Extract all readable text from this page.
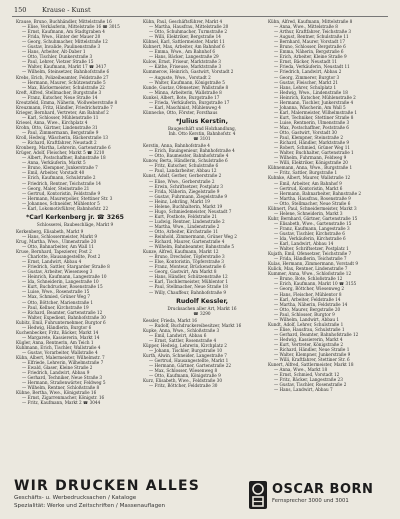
150 Krause - Kunst
Krause, Bruno, Buchhändler, Mittelstraße 16
— Elise, Verkäuferin, Mittelstraße 16 ☎ 3015
— Ernst, Kaufmann, Am Stadtgraben 4
— Frida, Wwe., Hinter der Mauer 20
— Georg, Schuhmacher, Mittelstraße 12
— Gustav, Invalide, Paulinenstraße 3
— Hans, Arbeiter, Alt-Daber 1
— Otto, Tischler, Dunkerstraße 3
— Paul, Lehrer, Vietzer Straße 15
— Walter, Kaufmann, Markt 17 ☎ 3417
— Wilhelm, Steinsetzer, Bahnhofstraße 6
Krebs, Erich, Polizeibeamter, Feldstraße 27
— Hermann, Maurer, Schützenstraße 5
— Max, Bäckermeister, Schulstraße 22
Kreft, Alfred, Stellmacher, Burgstraße 3
— Franz, Kutscher, Neue Straße 14
Kreutzfeld, Emma, Näherin, Wollweberstraße 8
Kreuzmann, Fritz, Händler, Friedrichstraße 7
Krieger, Bernhard, Vertreter, Am Bahnhof 2
— Karl, Schlosser, Mühlenstraße 11
Kriesel, Anna, Wwe., Kirchplatz 4
Krohn, Otto, Gärtner, Lindenstraße 31
— Paul, Zimmermann, Bergstraße 9
Kroll, Hedwig, Wäscherin, Bäckerstraße 13
— Richard, Kraftfahrer, Neustadt 2
Kronberg, Martha, Lehrerin, Gartenstraße 6
Krüger, Adolf, Fleischer, Markt 5 ☎ 3210
— Albert, Postschaffner, Bahnstraße 18
— Anna, Verkäuferin, Markt 5
— Bruno, Klempner, Junkerstraße 7
— Emil, Arbeiter, Vorstadt 40
— Erich, Kaufmann, Schulstraße 2
— Friedrich, Rentner, Teichstraße 14
— Georg, Maler, Steinstraße 21
— Gertrud, Kontoristin, Feldstraße 9
— Hermann, Maurerpolier, Stettiner Str. 3
— Johannes, Schneider, Mühlentor 5
— Karl, Lokomotivführer, Bahnhofstr. 22
*Carl Kerkenberg jr. ☎ 3265
Schlosserei, Baubeschläge, Markt 9
Kerkenberg, Elisabeth, Markt 9
— Hans, Schlossermeister, Markt 9
Krug, Martha, Wwe., Ulmenstraße 20
— Otto, Bahnarbeiter, Am Wall 11
Kruse, Bernhard, Tapezierer, Post 2
— Charlotte, Hausangestellte, Post 2
— Ernst, Landwirt, Abbau 4
— Friedrich, Sattler, Stargarder Straße 8
— Gustav, Arbeiter, Wiesenweg 3
— Heinrich, Kaufmann, Langestraße 10
— Ida, Schneiderin, Langestraße 10
— Kurt, Buchdrucker, Rosenstraße 15
— Luise, Wwe., Rosenstraße 15
— Max, Schmied, Grüner Weg 7
— Otto, Böttcher, Marienstraße 1
— Paul, Kellner, Kirchstraße 19
— Richard, Beamter, Gartenstraße 12
— Walter, Expedient, Bahnhofstraße 30
Kubitz, Emil, Fuhrunternehmer, Burgtor 6
— Hedwig, Händlerin, Burgtor 6
Kuchenbecker, Fritz, Bäcker, Markt 14
— Margarete, Kassiererin, Markt 14
Kügler, Anna, Rentnerin, Am Teich 1
Kuhlmann, Erich, Tischler, Wallstraße 4
— Gustav, Vorarbeiter, Wallstraße 4
Kühn, Albert, Malermeister, Wilhelmstr. 7
— Elfriede, Lehrerin, Wilhelmstraße 7
— Ewald, Glaser, Kleine Straße 2
— Friedrich, Landwirt, Abbau 9
— Gerhard, Techniker, Neue Straße 3
— Hermann, Straßenwärter, Feldweg 5
— Wilhelm, Rentner, Schloßstraße 8
Kühne, Bertha, Wwe., Königstraße 16
— Ernst, Zigarrenmacher, Königstr. 16
— Fritz, Kaufmann, Markt 2 ☎ 3044
Kühn, Paul, Geschäftsführer, Markt 4
— Martha, Hausfrau, Mittelstraße 20
— Otto, Schuhmacher, Turmstraße 2
— Willi, Elektriker, Bergstraße 14
Kühnel, Karl, Sattlermeister, Markt 11
Kuhnert, Max, Arbeiter, Am Bahnhof 6
— Emma, Wwe., Am Bahnhof 6
— Hans, Bäcker, Langestraße 29
Kulow, Ernst, Friseur, Marktstraße 3
— Käthe, Friseuse, Marktstraße 3
Kummerow, Heinrich, Gastwirt, Vorstadt 2
— Auguste, Wwe., Vorstadt 2
— Walter, Kaufmann, Königstraße 5
Kunde, Gustav, Ofensetzer, Wallstraße 8
— Minna, Arbeiterin, Wallstraße 8
Kunkel, Albert, Bote, Burgstraße 17
— Frieda, Verkäuferin, Burgstraße 17
— Karl, Maschinist, Mühlenweg 4
Künnecke, Otto, Förster, Forsthaus
*Julius Kerstin,
Baugeschäft und Holzhandlung,
Inh. Otto Kerstin, Bahnhofstr. 4
☎ 3101
Kerstin, Anna, Bahnhofstraße 4
— Erich, Bauingenieur, Bahnhofstraße 4
— Otto, Baumeister, Bahnhofstraße 4
Kunow, Berta, Händlerin, Schulstraße 6
— Fritz, Kutscher, Schulstraße 6
— Paul, Landarbeiter, Abbau 12
Kunst, Adolf, Gerber, Gerberstraße 2
— Elise, Wwe., Gerberstraße 2
— Erwin, Schriftsetzer, Postplatz 3
— Frida, Näherin, Ziegelstraße 9
— Gustav, Fuhrmann, Ziegelstraße 9
— Heinz, Lehrling, Markt 19
— Helene, Buchhalterin, Markt 19
— Hugo, Schmiedemeister, Neustadt 7
— Kurt, Postbote, Feldstraße 21
— Ludwig, Rentner, Lindenstraße 2
— Martha, Wwe., Lindenstraße 2
— Otto, Arbeiter, Kirchstraße 11
— Reinhold, Zimmermann, Grüner Weg 2
— Richard, Maurer, Gartenstraße 4
— Wilhelm, Bahnbeamter, Bahnstraße 5
Kunze, Alfred, Kaufmann, Markt 12
— Bruno, Drechsler, Töpferstraße 3
— Else, Kontoristin, Töpferstraße 3
— Franz, Monteur, Brückenstraße 6
— Georg, Gastwirt, Am Markt 8
— Hans, Händler, Schützenstraße 12
— Karl, Tischlermeister, Mühlentor 1
— Paul, Stellmacher, Neue Straße 18
— Willy, Chauffeur, Bahnhofstraße 9
Rudolf Kessler,
Drucksachen aller Art, Markt 16
☎ 3290
Kessler, Frieda, Markt 16
— Rudolf, Buchdruckereibesitzer, Markt 16
Kupke, Anna, Wwe., Schloßstraße 3
— Emil, Landwirt, Abbau 6
— Ernst, Sattler, Rosenstraße 4
Küpper, Hedwig, Lehrerin, Kirchplatz 2
— Johann, Tischler, Burgstraße 10
Kurth, Alwin, Schneider, Langestraße 7
— Gertrud, Hausangestellte, Markt 1
— Hermann, Gärtner, Gartenstraße 22
— Max, Schlosser, Wiesenweg 8
— Otto, Kaufmann, Königstraße 9
Kurz, Elisabeth, Wwe., Feldstraße 30
— Fritz, Böttcher, Feldstraße 30
Kühn, Alfred, Kaufmann, Mittelstraße 8
— Anna, Wwe., Mittelstraße 8
— Arthur, Kraftfahrer, Teichstraße 3
— August, Rentner, Schulstraße 11
— Bernhard, Maurer, Vorstadt 17
— Bruno, Schlosser, Bergstraße 6
— Emma, Näherin, Bergstraße 6
— Erich, Arbeiter, Kleine Straße 9
— Ernst, Bäcker, Neustadt 11
— Frieda, Verkäuferin, Neustadt 11
— Friedrich, Landwirt, Abbau 2
— Georg, Zimmerer, Burgtor 3
— Gustav, Fleischer, Markt 21
— Hans, Lehrer, Schulplatz 1
— Hedwig, Wwe., Lindenstraße 18
— Heinrich, Kutscher, Mühlenstraße 2
— Hermann, Tischler, Junkerstraße 4
— Johanna, Wäscherin, Am Wall 5
— Karl, Malermeister, Wilhelmstraße 1
— Kurt, Techniker, Stettiner Straße 8
— Luise, Rentnerin, Ulmenstraße 3
— Max, Postschaffner, Poststraße 6
— Otto, Gastwirt, Vorstadt 30
— Paul, Klempner, Steinstraße 2
— Richard, Händler, Marktstraße 9
— Robert, Schmied, Grüner Weg 11
— Walter, Buchhalter, Gartenstraße 1
— Wilhelm, Fuhrmann, Feldweg 9
— Willi, Elektriker, Königstraße 20
Kühnemann, Anna, Wwe., Burgstraße 1
— Fritz, Sattler, Burgstraße 1
Kuhnke, Albert, Maurer, Wallstraße 12
— Emil, Arbeiter, Am Bahnhof 9
— Gertrud, Kontoristin, Markt 6
— Hermann, Bahnarbeiter, Bahnstraße 2
— Martha, Hausfrau, Rosenstraße 9
— Otto, Stellmacher, Neue Straße 6
Kühnert, Paul, Schneidermeister, Markt 3
— Helene, Schneiderin, Markt 3
Kuhr, Bernhard, Gärtner, Gartenstraße 15
— Elisabeth, Wwe., Gartenstraße 15
— Franz, Kaufmann, Langestraße 3
— Gustav, Tischler, Kirchstraße 6
— Ida, Verkäuferin, Kirchstraße 6
— Karl, Landwirt, Abbau 14
— Walter, Schriftsetzer, Postplatz 1
Kujath, Emil, Ofensetzer, Teichstraße 7
— Frida, Händlerin, Teichstraße 7
Kulas, Hermann, Zimmermann, Vorstadt 9
Kulick, Max, Rentner, Lindenstraße 7
Kummer, Anna, Wwe., Schloßstraße 12
— Bruno, Bote, Schloßstraße 12
— Erich, Kaufmann, Markt 10 ☎ 3155
— Georg, Böttcher, Wiesenweg 2
— Hans, Fleischer, Mühlentor 8
— Karl, Arbeiter, Feldstraße 14
— Martha, Näherin, Feldstraße 14
— Otto, Maurer, Bergstraße 20
— Paul, Schlosser, Burgtor 9
— Wilhelm, Landwirt, Abbau 1
Kundt, Adolf, Lehrer, Schulstraße 1
— Elise, Hausfrau, Schulstraße 1
— Gerhard, Beamter, Bahnhofstraße 12
— Hedwig, Kassiererin, Markt 4
— Kurt, Vertreter, Königstraße 2
— Richard, Händler, Neue Straße 1
— Walter, Klempner, Junkerstraße 9
— Willi, Kraftfahrer, Stettiner Str. 6
Kunert, Alfred, Sattlermeister, Markt 18
— Anna, Wwe., Markt 18
— Ernst, Schmied, Vorstadt 12
— Fritz, Bäcker, Langestraße 23
— Gustav, Tischler, Rosenstraße 2
— Hans, Landwirt, Abbau 7
WIR DRUCKEN ALLES
Geschäfts- u. Werbedrucksachen / Kataloge
Spezialität: Werke und Zeitschriften / Massenauflagen
OB
OSCAR BORN
Fernsprecher 3000 und 3001
